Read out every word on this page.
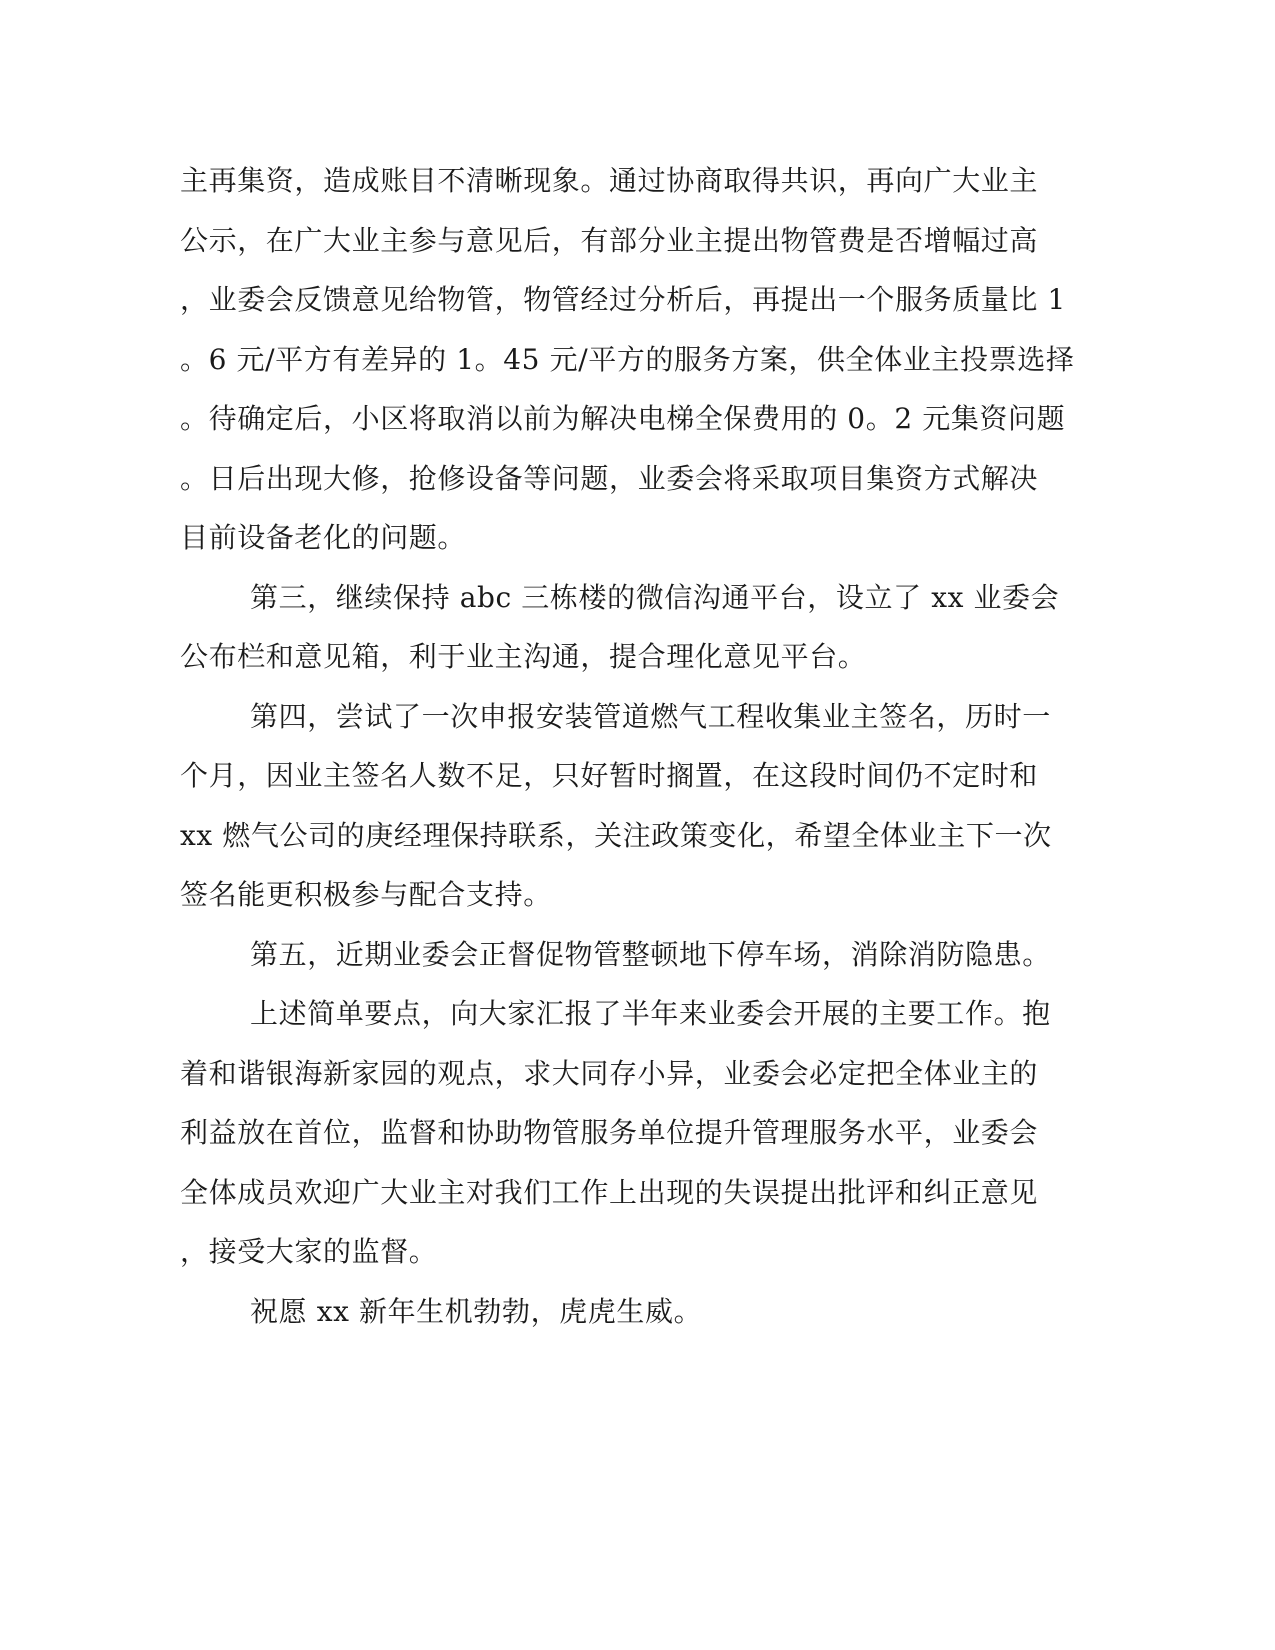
主再集资，造成账目不清晰现象。通过协商取得共识，再向广大业主
公示，在广大业主参与意见后，有部分业主提出物管费是否增幅过高
，业委会反馈意见给物管，物管经过分析后，再提出一个服务质量比 1
。6 元/平方有差异的 1。45 元/平方的服务方案，供全体业主投票选择
。待确定后，小区将取消以前为解决电梯全保费用的 0。2 元集资问题
。日后出现大修，抢修设备等问题，业委会将采取项目集资方式解决
目前设备老化的问题。
第三，继续保持 abc 三栋楼的微信沟通平台，设立了 xx 业委会
公布栏和意见箱，利于业主沟通，提合理化意见平台。
第四，尝试了一次申报安装管道燃气工程收集业主签名，历时一
个月，因业主签名人数不足，只好暂时搁置，在这段时间仍不定时和
xx 燃气公司的庚经理保持联系，关注政策变化，希望全体业主下一次
签名能更积极参与配合支持。
第五，近期业委会正督促物管整顿地下停车场，消除消防隐患。
上述简单要点，向大家汇报了半年来业委会开展的主要工作。抱
着和谐银海新家园的观点，求大同存小异，业委会必定把全体业主的
利益放在首位，监督和协助物管服务单位提升管理服务水平，业委会
全体成员欢迎广大业主对我们工作上出现的失误提出批评和纠正意见
，接受大家的监督。
祝愿 xx 新年生机勃勃，虎虎生威。
